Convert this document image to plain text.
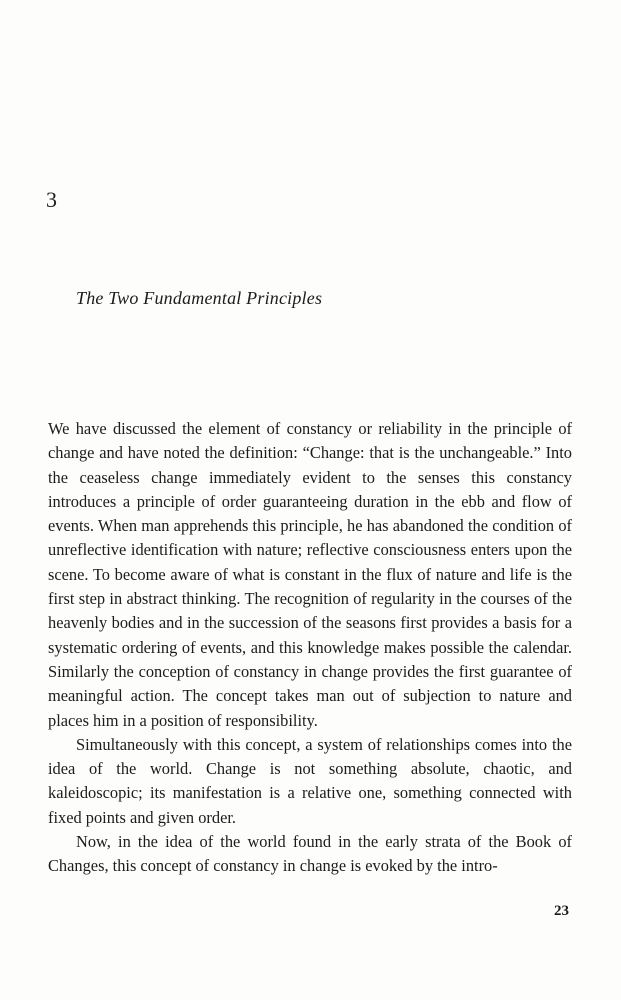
3
The Two Fundamental Principles

We have discussed the element of constancy or reliability in the principle of change and have noted the definition: “Change: that is the unchangeable.” Into the ceaseless change immediately evident to the senses this constancy introduces a principle of order guaranteeing duration in the ebb and flow of events. When man apprehends this principle, he has abandoned the condition of unreflective identification with nature; reflective consciousness enters upon the scene. To become aware of what is constant in the flux of nature and life is the first step in abstract thinking. The recognition of regularity in the courses of the heavenly bodies and in the succession of the seasons first provides a basis for a systematic ordering of events, and this knowledge makes possible the calendar. Similarly the conception of constancy in change provides the first guarantee of meaningful action. The concept takes man out of subjection to nature and places him in a position of responsibility.

Simultaneously with this concept, a system of relationships comes into the idea of the world. Change is not something absolute, chaotic, and kaleidoscopic; its manifestation is a relative one, something connected with fixed points and given order.

Now, in the idea of the world found in the early strata of the Book of Changes, this concept of constancy in change is evoked by the intro-

23
